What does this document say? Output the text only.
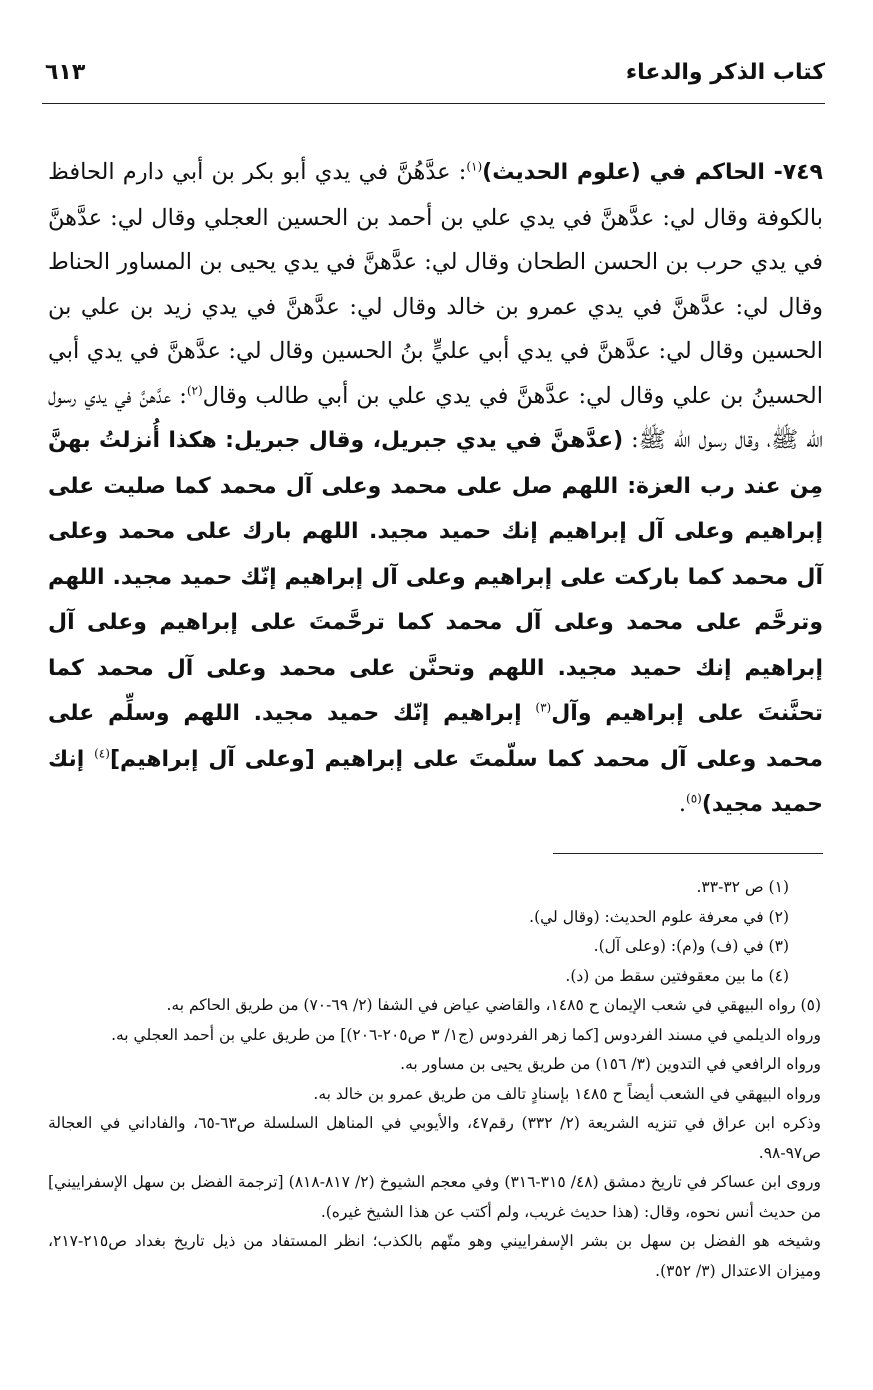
٦١٣	كتاب الذكر والدعاء

٧٤٩- الحاكم في (علوم الحديث)$^{(١)}$: عدَّهُنَّ في يدي أبو بكر بن أبي دارم الحافظ بالكوفة وقال لي: عدَّهنَّ في يدي علي بن أحمد بن الحسين العجلي وقال لي: عدَّهنَّ في يدي حرب بن الحسن الطحان وقال لي: عدَّهنَّ في يدي يحيى بن المساور الحناط وقال لي: عدَّهنَّ في يدي عمرو بن خالد وقال لي: عدَّهنَّ في يدي زيد بن علي بن الحسين وقال لي: عدَّهنَّ في يدي أبي عليٍّ بنُ الحسين وقال لي: عدَّهنَّ في يدي أبي الحسينُ بن علي وقال لي: عدَّهنَّ في يدي علي بن أبي طالب وقال$^{(٢)}$: عدَّهنَّ في يدي رسول الله ﷺ، وقال رسول الله ﷺ: (عدَّهنَّ في يدي جبريل، وقال جبريل: هكذا أُنزلتُ بهنَّ مِن عند رب العزة: اللهم صل على محمد وعلى آل محمد كما صليت على إبراهيم وعلى آل إبراهيم إنك حميد مجيد. اللهم بارك على محمد وعلى آل محمد كما باركت على إبراهيم وعلى آل إبراهيم إنّك حميد مجيد. اللهم وترحَّم على محمد وعلى آل محمد كما ترحَّمتَ على إبراهيم وعلى آل إبراهيم إنك حميد مجيد. اللهم وتحنَّن على محمد وعلى آل محمد كما تحنَّنتَ على إبراهيم وآل$^{(٣)}$ إبراهيم إنّك حميد مجيد. اللهم وسلِّم على محمد وعلى آل محمد كما سلّمتَ على إبراهيم [وعلى آل إبراهيم]$^{(٤)}$ إنك حميد مجيد)$^{(٥)}$.

(١) ص ٣٢-٣٣.

(٢) في معرفة علوم الحديث: (وقال لي).

(٣) في (ف) و(م): (وعلى آل).

(٤) ما بين معقوفتين سقط من (د).

(٥) رواه البيهقي في شعب الإيمان ح ١٤٨٥، والقاضي عياض في الشفا (٢/ ٦٩-٧٠) من طريق الحاكم به.

ورواه الديلمي في مسند الفردوس [كما زهر الفردوس (ج١/ ٣ ص٢٠٥-٢٠٦)] من طريق علي بن أحمد العجلي به.

ورواه الرافعي في التدوين (٣/ ١٥٦) من طريق يحيى بن مساور به.

ورواه البيهقي في الشعب أيضاً ح ١٤٨٥ بإسنادٍ تالف من طريق عمرو بن خالد به.

وذكره ابن عراق في تنزيه الشريعة (٢/ ٣٣٢) رقم٤٧، والأيوبي في المناهل السلسلة ص٦٣-٦٥، والفاداني في العجالة ص٩٧-٩٨.

وروى ابن عساكر في تاريخ دمشق (٤٨/ ٣١٥-٣١٦) وفي معجم الشيوخ (٢/ ٨١٧-٨١٨) [ترجمة الفضل بن سهل الإسفراييني] من حديث أنس نحوه، وقال: (هذا حديث غريب، ولم أكتب عن هذا الشيخ غيره).

وشيخه هو الفضل بن سهل بن بشر الإسفراييني وهو متّهم بالكذب؛ انظر المستفاد من ذيل تاريخ بغداد ص٢١٥-٢١٧، وميزان الاعتدال (٣/ ٣٥٢).
